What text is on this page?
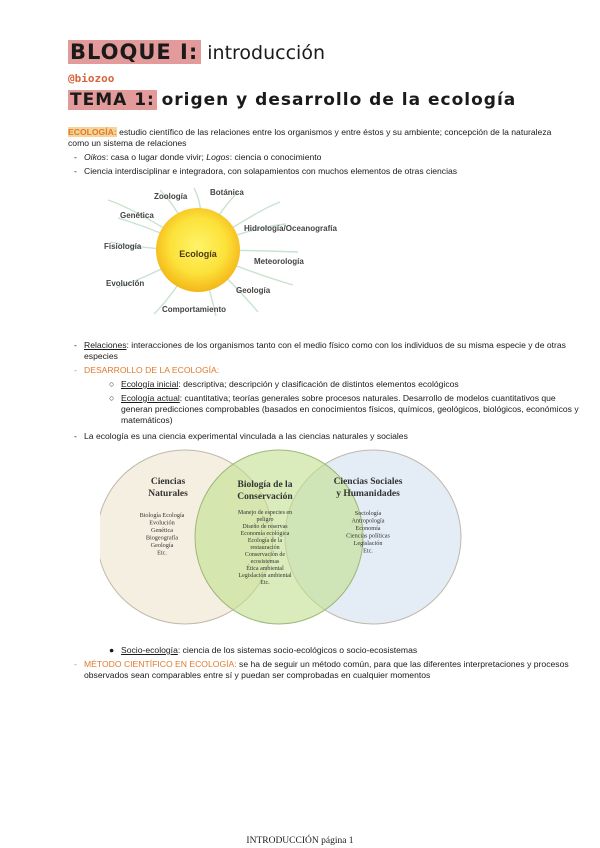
BLOQUE I: introducción
@biozoo
TEMA 1: origen y desarrollo de la ecología
ECOLOGÍA: estudio científico de las relaciones entre los organismos y entre éstos y su ambiente; concepción de la naturaleza como un sistema de relaciones
- Oikos: casa o lugar donde vivir; Logos: ciencia o conocimiento
- Ciencia interdisciplinar e integradora, con solapamientos con muchos elementos de otras ciencias
Ecología
Zoología	Botánica
Genética
Hidrología/Oceanografía
Fisiología
Meteorología
Evolución
Geología
Comportamiento
- Relaciones: interacciones de los organismos tanto con el medio físico como con los individuos de su misma especie y de otras especies
- DESARROLLO DE LA ECOLOGÍA:
○ Ecología inicial: descriptiva; descripción y clasificación de distintos elementos ecológicos
○ Ecología actual: cuantitativa; teorías generales sobre procesos naturales. Desarrollo de modelos cuantitativos que generan predicciones comprobables (basados en conocimientos físicos, químicos, geológicos, biológicos, económicos y matemáticos)
- La ecología es una ciencia experimental vinculada a las ciencias naturales y sociales
Ciencias
Naturales
Biología Ecología
Evolución
Genética
Biogeografía
Geología
Etc.
Biología de la
Conservación
Manejo de especies en
peligro
Diseño de reservas
Economía ecológica
Ecología de la
restauración
Conservación de
ecosistemas
Ética ambiental
Legislación ambiental
Etc.
Ciencias Sociales
y Humanidades
Sociología
Antropología
Economía
Ciencias políticas
Legislación
Etc.
● Socio-ecología: ciencia de los sistemas socio-ecológicos o socio-ecosistemas
- MÉTODO CIENTÍFICO EN ECOLOGÍA: se ha de seguir un método común, para que las diferentes interpretaciones y procesos observados sean comparables entre sí y puedan ser comprobadas en cualquier momentos
INTRODUCCIÓN página 1
